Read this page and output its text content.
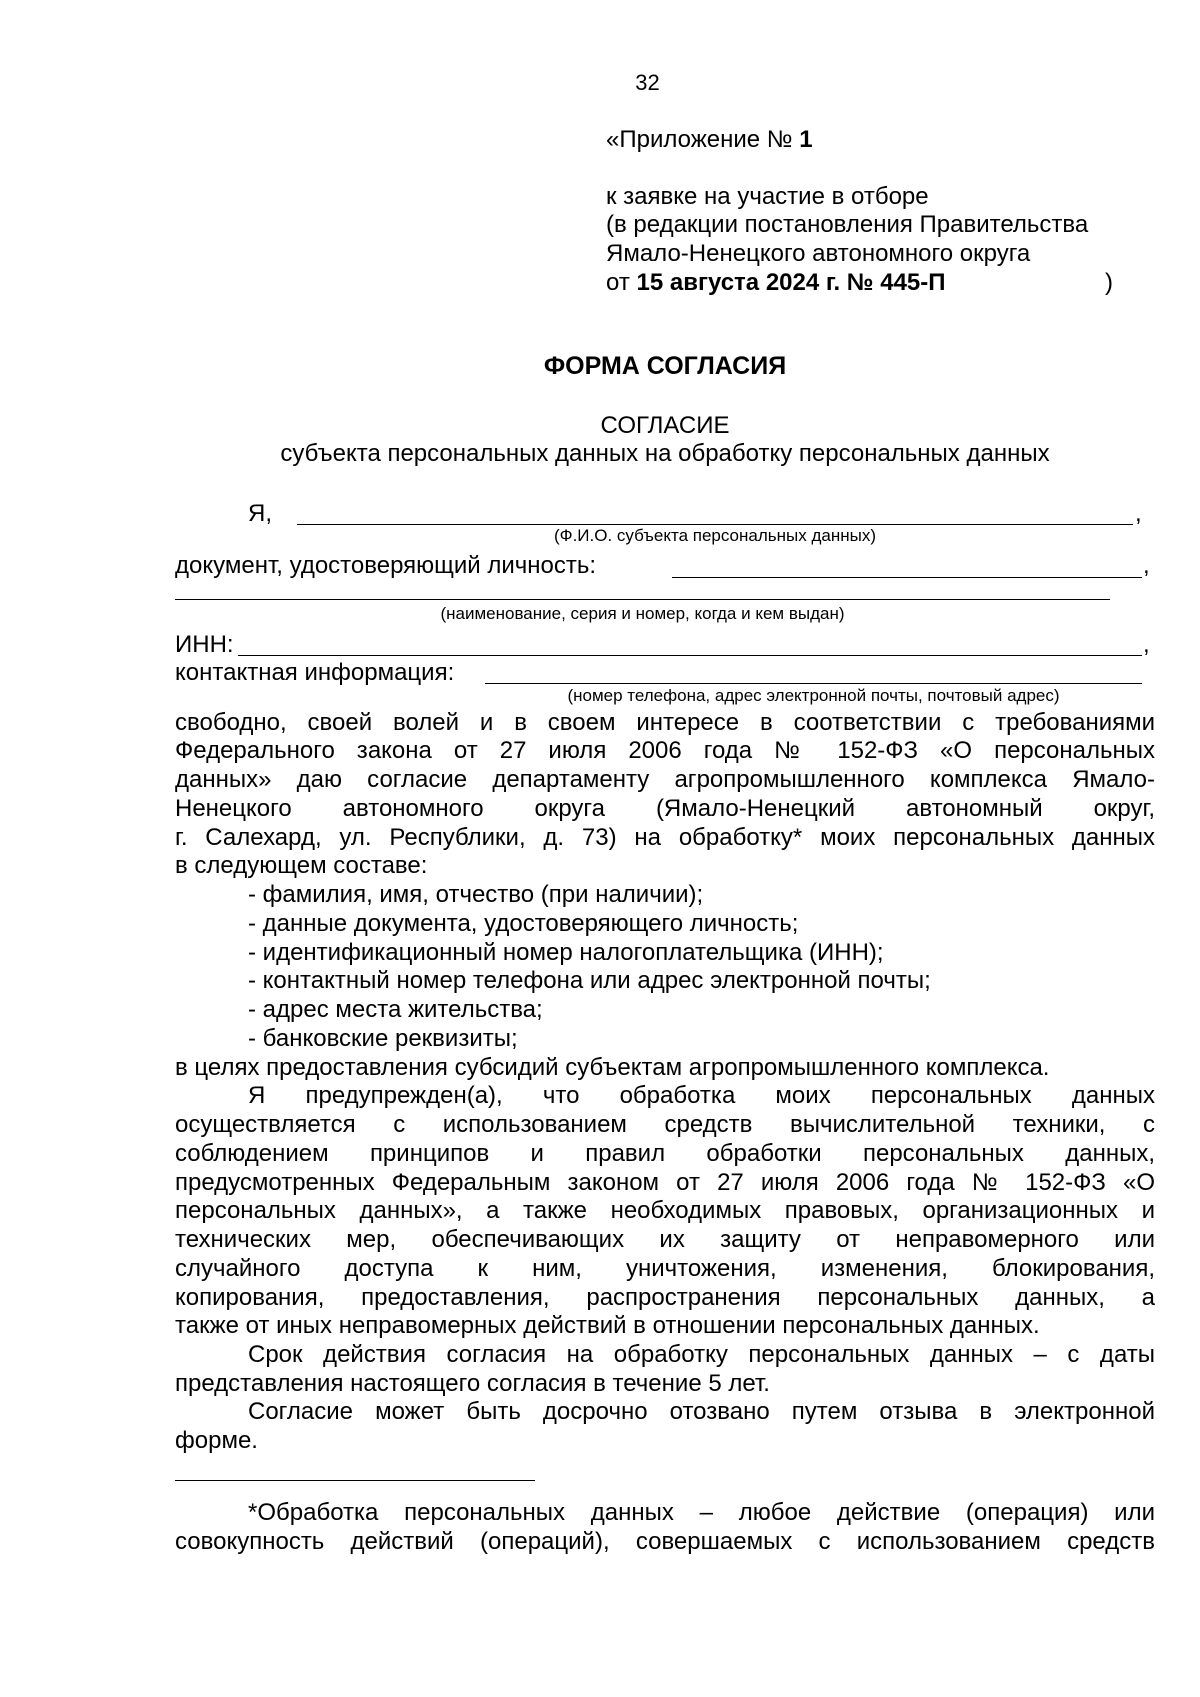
32
«Приложение № 1
к заявке на участие в отборе
(в редакции постановления Правительства
Ямало-Ненецкого автономного округа
от 15 августа 2024 г. № 445-П	)
ФОРМА СОГЛАСИЯ
СОГЛАСИЕ
субъекта персональных данных на обработку персональных данных
Я,	,
(Ф.И.О. субъекта персональных данных)
документ, удостоверяющий личность:	,
(наименование, серия и номер, когда и кем выдан)
ИНН:	,
контактная информация:
(номер телефона, адрес электронной почты, почтовый адрес)
свободно, своей волей и в своем интересе в соответствии с требованиями
Федерального закона от 27 июля 2006 года № 152-ФЗ «О персональных
данных» даю согласие департаменту агропромышленного комплекса Ямало-
Ненецкого автономного округа (Ямало-Ненецкий автономный округ,
г. Салехард, ул. Республики, д. 73) на обработку* моих персональных данных
в следующем составе:
- фамилия, имя, отчество (при наличии);
- данные документа, удостоверяющего личность;
- идентификационный номер налогоплательщика (ИНН);
- контактный номер телефона или адрес электронной почты;
- адрес места жительства;
- банковские реквизиты;
в целях предоставления субсидий субъектам агропромышленного комплекса.
Я предупрежден(а), что обработка моих персональных данных
осуществляется с использованием средств вычислительной техники, с
соблюдением принципов и правил обработки персональных данных,
предусмотренных Федеральным законом от 27 июля 2006 года № 152-ФЗ «О
персональных данных», а также необходимых правовых, организационных и
технических мер, обеспечивающих их защиту от неправомерного или
случайного доступа к ним, уничтожения, изменения, блокирования,
копирования, предоставления, распространения персональных данных, а
также от иных неправомерных действий в отношении персональных данных.
Срок действия согласия на обработку персональных данных – с даты
представления настоящего согласия в течение 5 лет.
Согласие может быть досрочно отозвано путем отзыва в электронной
форме.
*Обработка персональных данных – любое действие (операция) или
совокупность действий (операций), совершаемых с использованием средств
